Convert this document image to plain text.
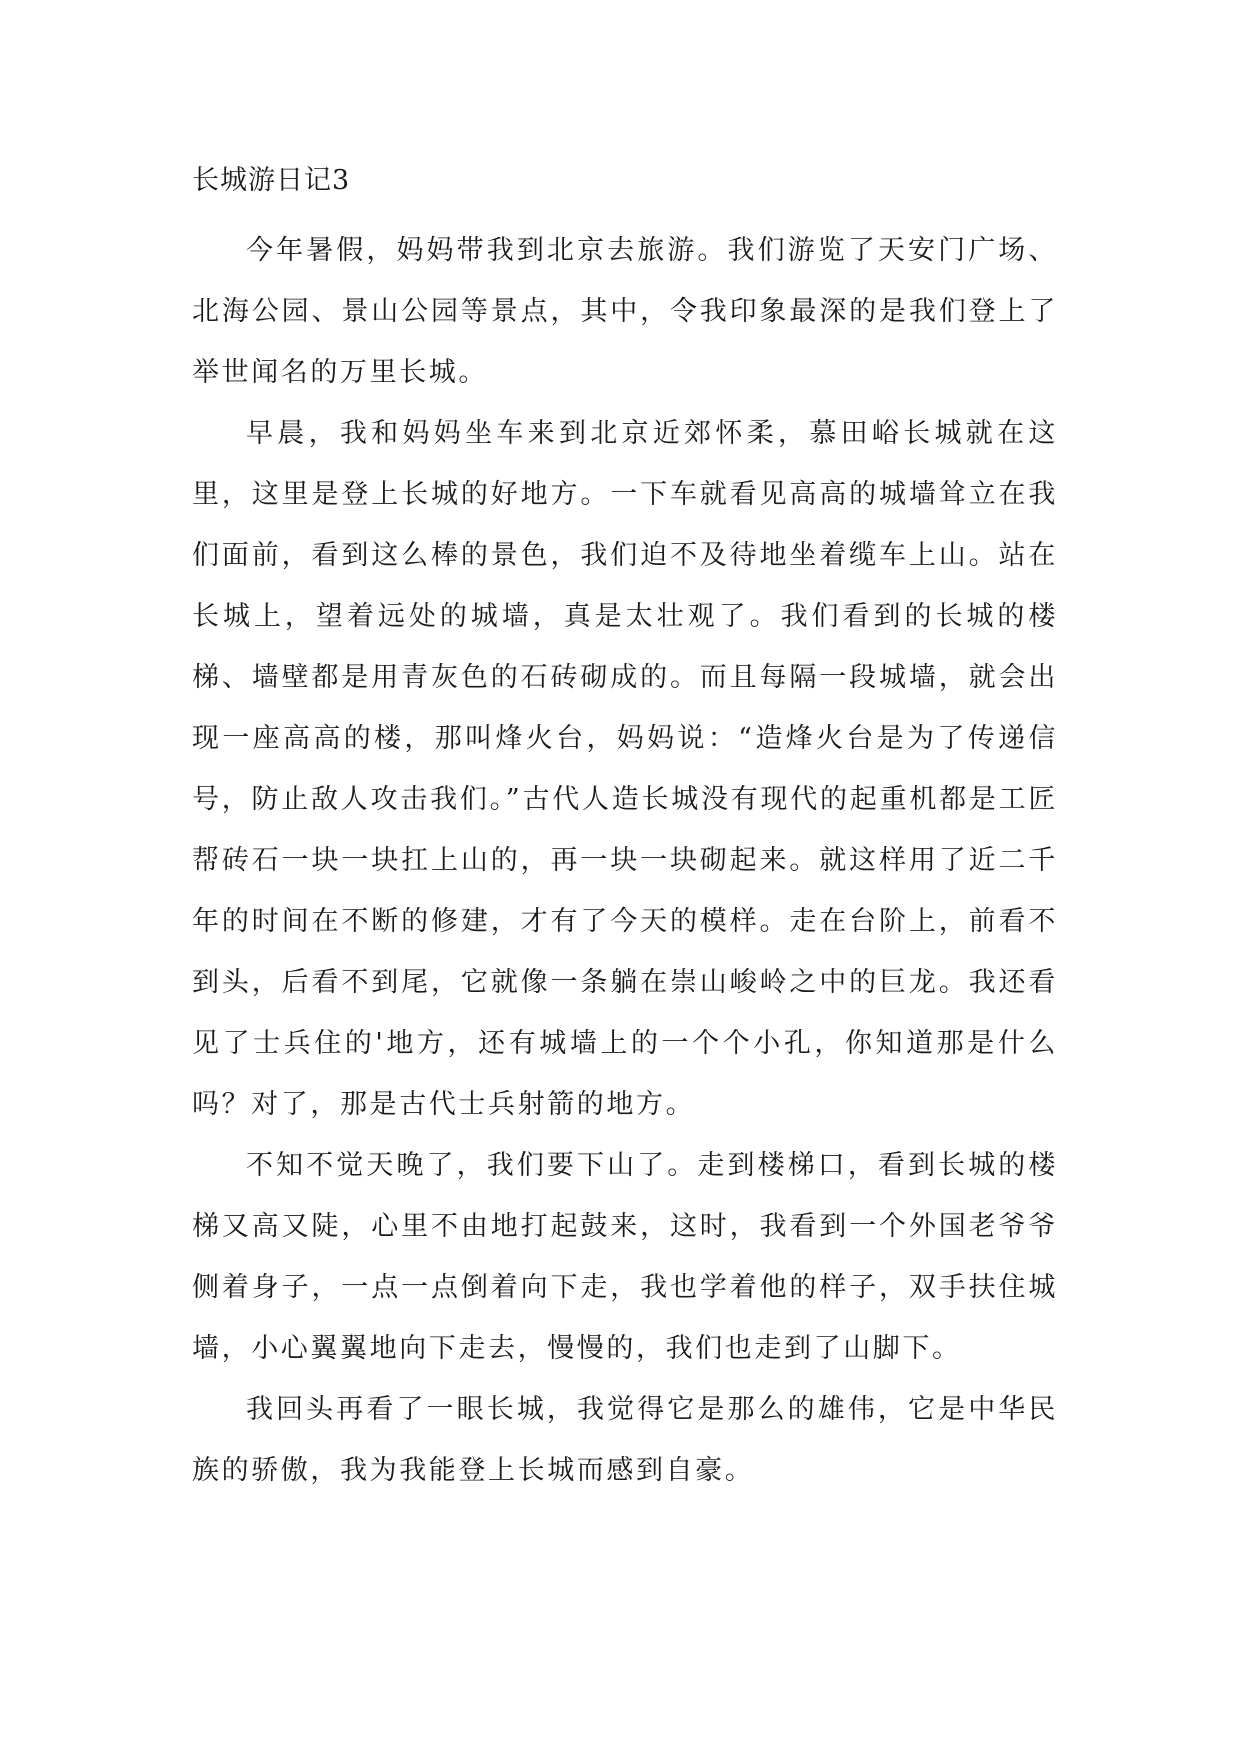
长城游日记3

今年暑假，妈妈带我到北京去旅游。我们游览了天安门广场、北海公园、景山公园等景点，其中，令我印象最深的是我们登上了举世闻名的万里长城。

早晨，我和妈妈坐车来到北京近郊怀柔，慕田峪长城就在这里，这里是登上长城的好地方。一下车就看见高高的城墙耸立在我们面前，看到这么棒的景色，我们迫不及待地坐着缆车上山。站在长城上，望着远处的城墙，真是太壮观了。我们看到的长城的楼梯、墙壁都是用青灰色的石砖砌成的。而且每隔一段城墙，就会出现一座高高的楼，那叫烽火台，妈妈说：“造烽火台是为了传递信号，防止敌人攻击我们。”古代人造长城没有现代的起重机都是工匠帮砖石一块一块扛上山的，再一块一块砌起来。就这样用了近二千年的时间在不断的修建，才有了今天的模样。走在台阶上，前看不到头，后看不到尾，它就像一条躺在崇山峻岭之中的巨龙。我还看见了士兵住的'地方，还有城墙上的一个个小孔，你知道那是什么吗？对了，那是古代士兵射箭的地方。

不知不觉天晚了，我们要下山了。走到楼梯口，看到长城的楼梯又高又陡，心里不由地打起鼓来，这时，我看到一个外国老爷爷侧着身子，一点一点倒着向下走，我也学着他的样子，双手扶住城墙，小心翼翼地向下走去，慢慢的，我们也走到了山脚下。

我回头再看了一眼长城，我觉得它是那么的雄伟，它是中华民族的骄傲，我为我能登上长城而感到自豪。
